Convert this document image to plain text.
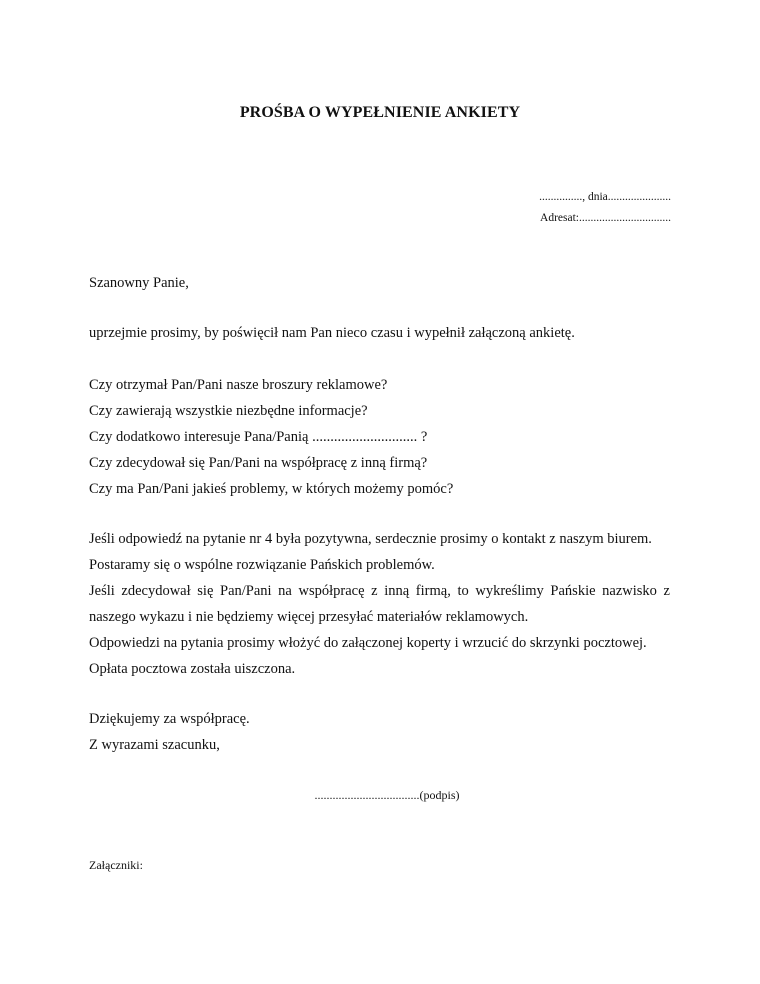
PROŚBA O WYPEŁNIENIE ANKIETY
..............., dnia......................
Adresat:................................
Szanowny Panie,
uprzejmie prosimy, by poświęcił nam Pan nieco czasu i wypełnił załączoną ankietę.
Czy otrzymał Pan/Pani nasze broszury reklamowe?
Czy zawierają wszystkie niezbędne informacje?
Czy dodatkowo interesuje Pana/Panią ............................. ?
Czy zdecydował się Pan/Pani na współpracę z inną firmą?
Czy ma Pan/Pani jakieś problemy, w których możemy pomóc?

Jeśli odpowiedź na pytanie nr 4 była pozytywna, serdecznie prosimy o kontakt z naszym biurem.

Postaramy się o wspólne rozwiązanie Pańskich problemów.

Jeśli zdecydował się Pan/Pani na współpracę z inną firmą, to wykreślimy Pańskie nazwisko z naszego wykazu i nie będziemy więcej przesyłać materiałów reklamowych.

Odpowiedzi na pytania prosimy włożyć do załączonej koperty i wrzucić do skrzynki pocztowej.

Opłata pocztowa została uiszczona.

Dziękujemy za współpracę.
Z wyrazami szacunku,
...................................(podpis)
Załączniki:
